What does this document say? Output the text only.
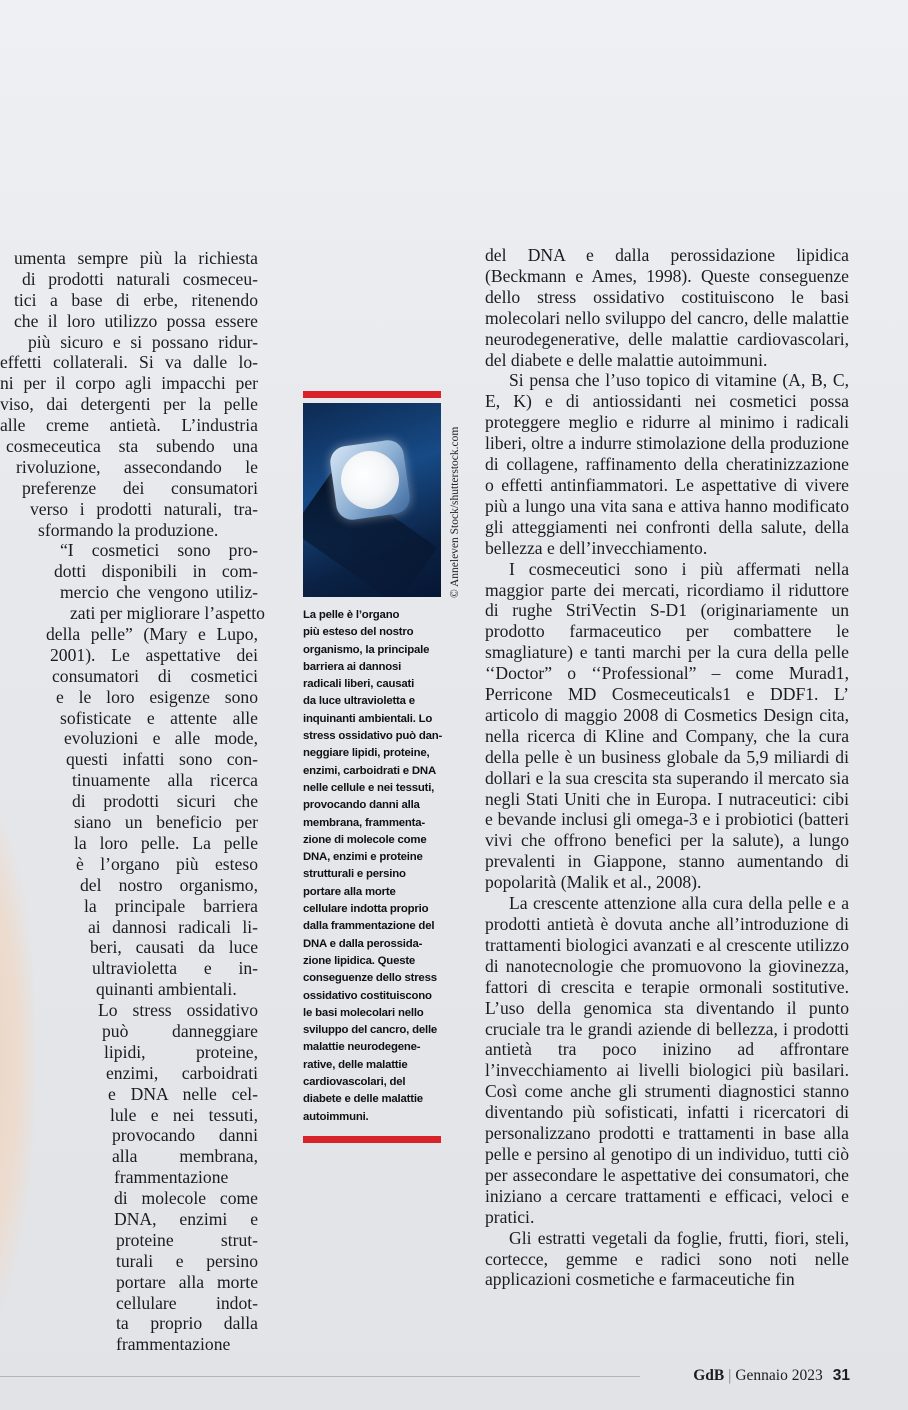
umenta sempre più la richiesta
di prodotti naturali cosmeceu-
tici a base di erbe, ritenendo
che il loro utilizzo possa essere
più sicuro e si possano ridur-
effetti collaterali. Si va dalle lo-
ni per il corpo agli impacchi per
viso, dai detergenti per la pelle
alle creme antietà. L’industria
cosmeceutica sta subendo una
rivoluzione, assecondando le
preferenze dei consumatori
verso i prodotti naturali, tra-
sformando la produzione.
“I cosmetici sono pro-
dotti disponibili in com-
mercio che vengono utiliz-
zati per migliorare l’aspetto
della pelle” (Mary e Lupo,
2001). Le aspettative dei
consumatori di cosmetici
e le loro esigenze sono
sofisticate e attente alle
evoluzioni e alle mode,
questi infatti sono con-
tinuamente alla ricerca
di prodotti sicuri che
siano un beneficio per
la loro pelle. La pelle
è l’organo più esteso
del nostro organismo,
la principale barriera
ai dannosi radicali li-
beri, causati da luce
ultravioletta e in-
quinanti ambientali.
Lo stress ossidativo
può danneggiare
lipidi, proteine,
enzimi, carboidrati
e DNA nelle cel-
lule e nei tessuti,
provocando danni
alla membrana,
frammentazione
di molecole come
DNA, enzimi e
proteine strut-
turali e persino
portare alla morte
cellulare indot-
ta proprio dalla
frammentazione
La pelle è l’organo
più esteso del nostro
organismo, la principale
barriera ai dannosi
radicali liberi, causati
da luce ultravioletta e
inquinanti ambientali. Lo
stress ossidativo può dan-
neggiare lipidi, proteine,
enzimi, carboidrati e DNA
nelle cellule e nei tessuti,
provocando danni alla
membrana, frammenta-
zione di molecole come
DNA, enzimi e proteine
strutturali e persino
portare alla morte
cellulare indotta proprio
dalla frammentazione del
DNA e dalla perossida-
zione lipidica. Queste
conseguenze dello stress
ossidativo costituiscono
le basi molecolari nello
sviluppo del cancro, delle
malattie neurodegene-
rative, delle malattie
cardiovascolari, del
diabete e delle malattie
autoimmuni.
© Anneleven Stock/shutterstock.com

del DNA e dalla perossidazione lipidica (Beckmann e Ames, 1998). Queste conseguenze dello stress ossidativo costituiscono le basi molecolari nello sviluppo del cancro, delle malattie neurodegenerative, delle malattie cardiovascolari, del diabete e delle malattie autoimmuni.

Si pensa che l’uso topico di vitamine (A, B, C, E, K) e di antiossidanti nei cosmetici possa proteggere meglio e ridurre al minimo i radicali liberi, oltre a indurre stimolazione della produzione di collagene, raffinamento della cheratinizzazione o effetti antinfiammatori. Le aspettative di vivere più a lungo una vita sana e attiva hanno modificato gli atteggiamenti nei confronti della salute, della bellezza e dell’invecchiamento.

I cosmeceutici sono i più affermati nella maggior parte dei mercati, ricordiamo il riduttore di rughe StriVectin S-D1 (originariamente un prodotto farmaceutico per combattere le smagliature) e tanti marchi per la cura della pelle ‘‘Doctor” o ‘‘Professional” – come Murad1, Perricone MD Cosmeceuticals1 e DDF1. L’ articolo di maggio 2008 di Cosmetics Design cita, nella ricerca di Kline and Company, che la cura della pelle è un business globale da 5,9 miliardi di dollari e la sua crescita sta superando il mercato sia negli Stati Uniti che in Europa. I nutraceutici: cibi e bevande inclusi gli omega-3 e i probiotici (batteri vivi che offrono benefici per la salute), a lungo prevalenti in Giappone, stanno aumentando di popolarità (Malik et al., 2008).

La crescente attenzione alla cura della pelle e a prodotti antietà è dovuta anche all’introduzione di trattamenti biologici avanzati e al crescente utilizzo di nanotecnologie che promuovono la giovinezza, fattori di crescita e terapie ormonali sostitutive. L’uso della genomica sta diventando il punto cruciale tra le grandi aziende di bellezza, i prodotti antietà tra poco inizino ad affrontare l’invecchiamento ai livelli biologici più basilari. Così come anche gli strumenti diagnostici stanno diventando più sofisticati, infatti i ricercatori di personalizzano prodotti e trattamenti in base alla pelle e persino al genotipo di un individuo, tutti ciò per assecondare le aspettative dei consumatori, che iniziano a cercare trattamenti e efficaci, veloci e pratici.

Gli estratti vegetali da foglie, frutti, fiori, steli, cortecce, gemme e radici sono noti nelle applicazioni cosmetiche e farmaceutiche fin

GdB | Gennaio 2023 31
